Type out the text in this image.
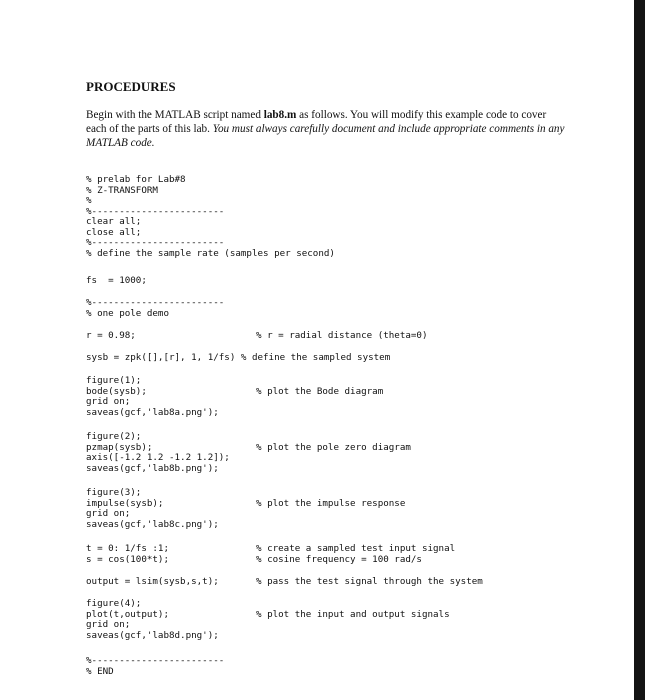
PROCEDURES
Begin with the MATLAB script named lab8.m as follows. You will modify this example code to cover each of the parts of this lab. You must always carefully document and include appropriate comments in any MATLAB code.
% prelab for Lab#8
% Z-TRANSFORM
%
%------------------------
clear all;
close all;
%------------------------
% define the sample rate (samples per second)
fs  = 1000;
%------------------------
% one pole demo
r = 0.98;	% r = radial distance (theta=0)
sysb = zpk([],[r], 1, 1/fs) % define the sampled system
figure(1);
bode(sysb);	% plot the Bode diagram
grid on;
saveas(gcf,'lab8a.png');
figure(2);
pzmap(sysb);	% plot the pole zero diagram
axis([-1.2 1.2 -1.2 1.2]);
saveas(gcf,'lab8b.png');
figure(3);
impulse(sysb);	% plot the impulse response
grid on;
saveas(gcf,'lab8c.png');
t = 0: 1/fs :1;	% create a sampled test input signal
s = cos(100*t);	% cosine frequency = 100 rad/s
output = lsim(sysb,s,t);	% pass the test signal through the system
figure(4);
plot(t,output);	% plot the input and output signals
grid on;
saveas(gcf,'lab8d.png');
%------------------------
% END
